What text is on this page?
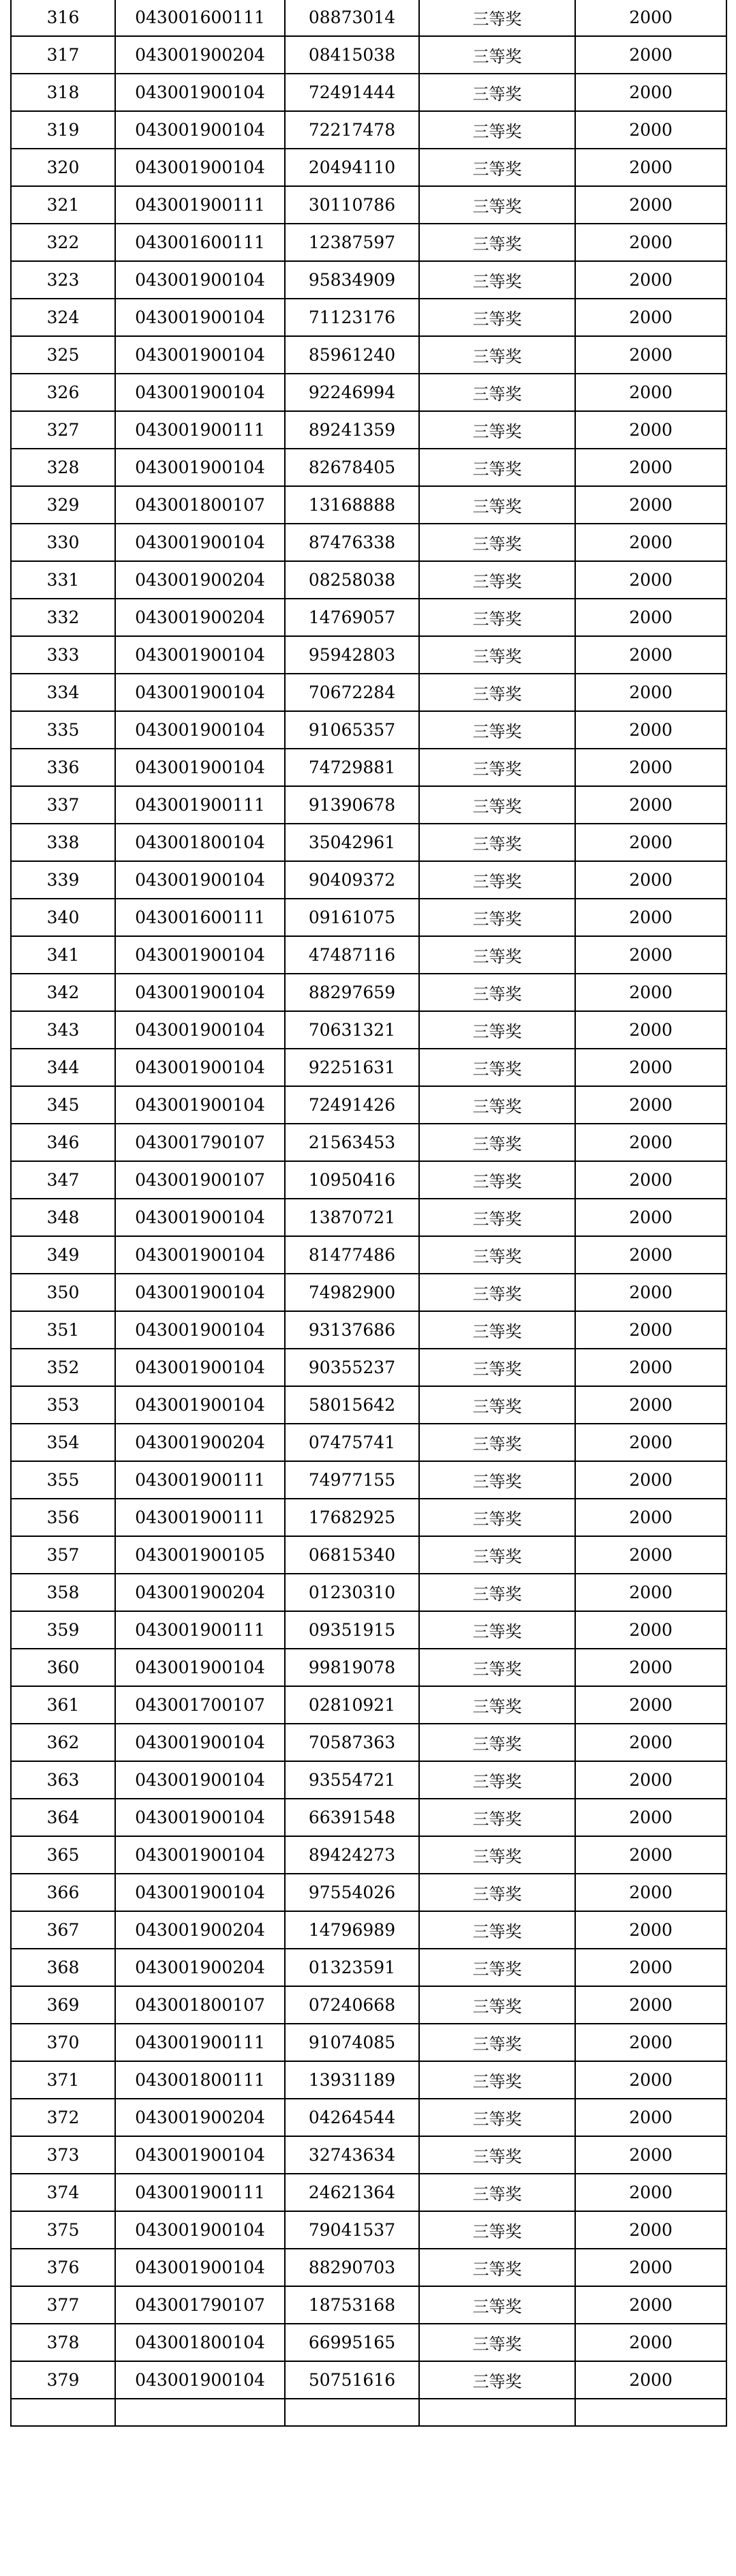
316	043001600111	08873014	三等奖	2000
317	043001900204	08415038	三等奖	2000
318	043001900104	72491444	三等奖	2000
319	043001900104	72217478	三等奖	2000
320	043001900104	20494110	三等奖	2000
321	043001900111	30110786	三等奖	2000
322	043001600111	12387597	三等奖	2000
323	043001900104	95834909	三等奖	2000
324	043001900104	71123176	三等奖	2000
325	043001900104	85961240	三等奖	2000
326	043001900104	92246994	三等奖	2000
327	043001900111	89241359	三等奖	2000
328	043001900104	82678405	三等奖	2000
329	043001800107	13168888	三等奖	2000
330	043001900104	87476338	三等奖	2000
331	043001900204	08258038	三等奖	2000
332	043001900204	14769057	三等奖	2000
333	043001900104	95942803	三等奖	2000
334	043001900104	70672284	三等奖	2000
335	043001900104	91065357	三等奖	2000
336	043001900104	74729881	三等奖	2000
337	043001900111	91390678	三等奖	2000
338	043001800104	35042961	三等奖	2000
339	043001900104	90409372	三等奖	2000
340	043001600111	09161075	三等奖	2000
341	043001900104	47487116	三等奖	2000
342	043001900104	88297659	三等奖	2000
343	043001900104	70631321	三等奖	2000
344	043001900104	92251631	三等奖	2000
345	043001900104	72491426	三等奖	2000
346	043001790107	21563453	三等奖	2000
347	043001900107	10950416	三等奖	2000
348	043001900104	13870721	三等奖	2000
349	043001900104	81477486	三等奖	2000
350	043001900104	74982900	三等奖	2000
351	043001900104	93137686	三等奖	2000
352	043001900104	90355237	三等奖	2000
353	043001900104	58015642	三等奖	2000
354	043001900204	07475741	三等奖	2000
355	043001900111	74977155	三等奖	2000
356	043001900111	17682925	三等奖	2000
357	043001900105	06815340	三等奖	2000
358	043001900204	01230310	三等奖	2000
359	043001900111	09351915	三等奖	2000
360	043001900104	99819078	三等奖	2000
361	043001700107	02810921	三等奖	2000
362	043001900104	70587363	三等奖	2000
363	043001900104	93554721	三等奖	2000
364	043001900104	66391548	三等奖	2000
365	043001900104	89424273	三等奖	2000
366	043001900104	97554026	三等奖	2000
367	043001900204	14796989	三等奖	2000
368	043001900204	01323591	三等奖	2000
369	043001800107	07240668	三等奖	2000
370	043001900111	91074085	三等奖	2000
371	043001800111	13931189	三等奖	2000
372	043001900204	04264544	三等奖	2000
373	043001900104	32743634	三等奖	2000
374	043001900111	24621364	三等奖	2000
375	043001900104	79041537	三等奖	2000
376	043001900104	88290703	三等奖	2000
377	043001790107	18753168	三等奖	2000
378	043001800104	66995165	三等奖	2000
379	043001900104	50751616	三等奖	2000
